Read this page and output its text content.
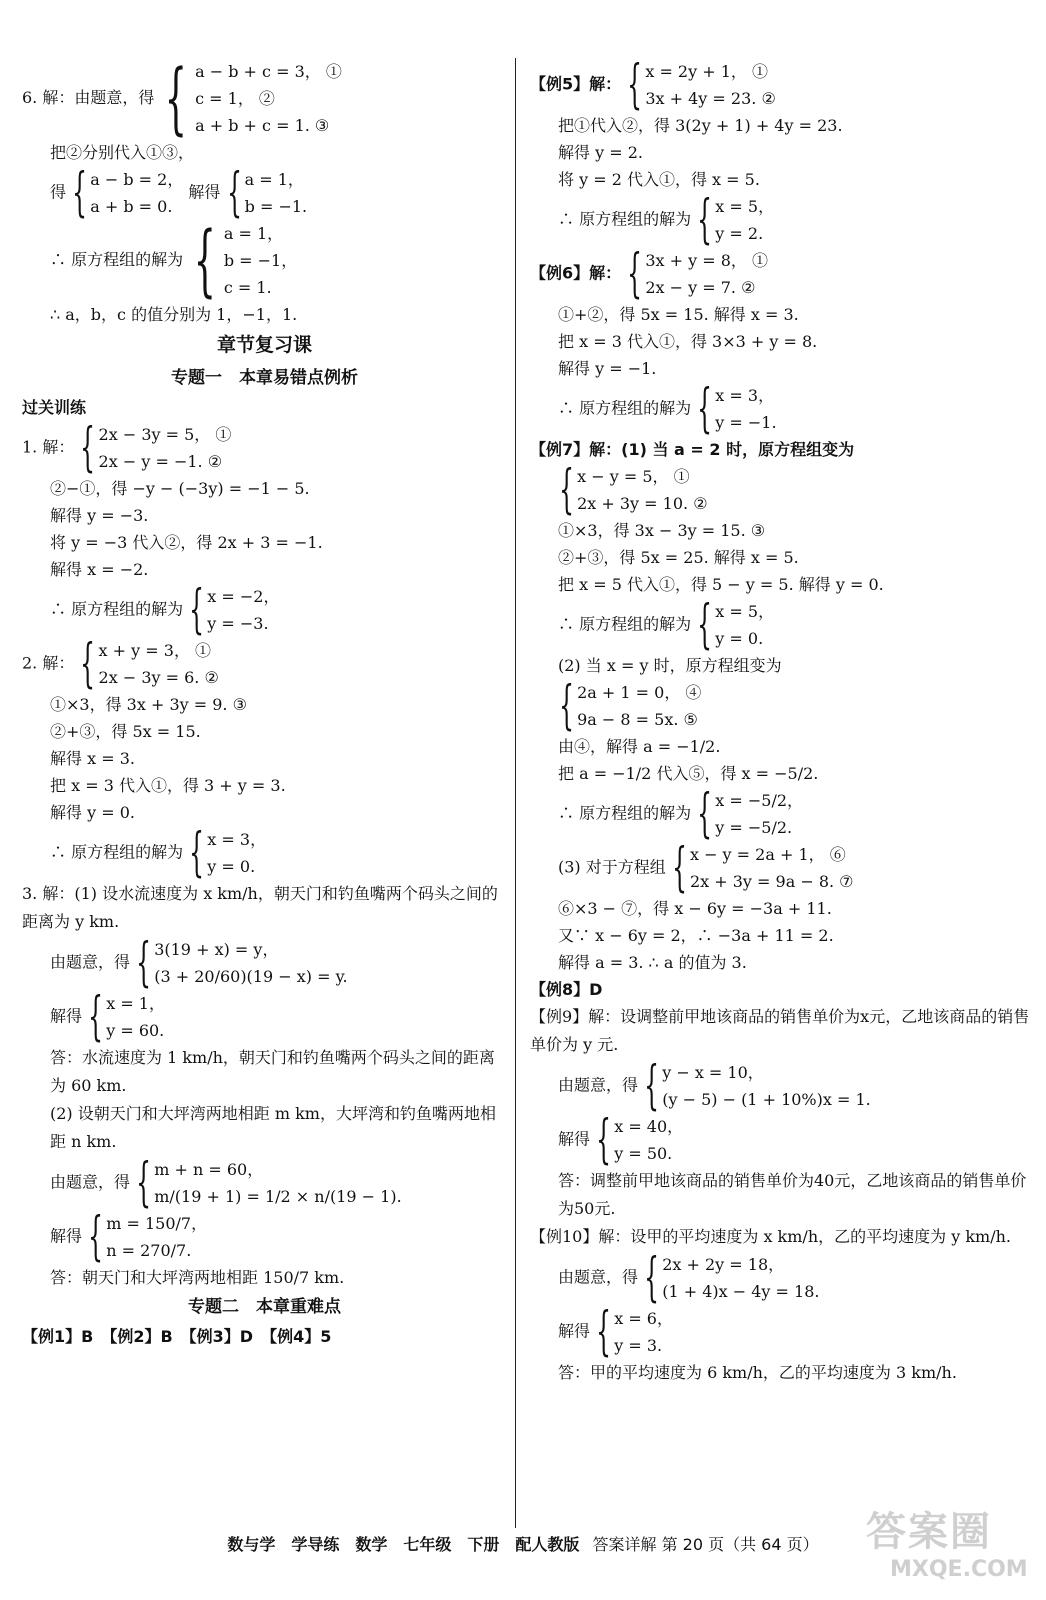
6. 解：由题意，得 { a − b + c = 3， ①
c = 1， ②
a + b + c = 1. ③
把②分别代入①③，
得 { a − b = 2，
a + b = 0.
解得 { a = 1，
b = −1.
∴ 原方程组的解为 { a = 1，
b = −1，
c = 1.
∴ a，b，c 的值分别为 1，−1，1.
章节复习课
专题一　本章易错点例析
过关训练
1. 解： { 2x − 3y = 5， ①
2x − y = −1. ②
②−①，得 −y − (−3y) = −1 − 5.
解得 y = −3.
将 y = −3 代入②，得 2x + 3 = −1.
解得 x = −2.
∴ 原方程组的解为 { x = −2，
y = −3.
2. 解： { x + y = 3， ①
2x − 3y = 6. ②
①×3，得 3x + 3y = 9. ③
②+③，得 5x = 15.
解得 x = 3.
把 x = 3 代入①，得 3 + y = 3.
解得 y = 0.
∴ 原方程组的解为 { x = 3，
y = 0.
3. 解：(1) 设水流速度为 x km/h，朝天门和钓鱼嘴两个码头之间的距离为 y km.
由题意，得 { 3(19 + x) = y，
(3 + 20/60)(19 − x) = y.
解得 { x = 1，
y = 60.
答：水流速度为 1 km/h，朝天门和钓鱼嘴两个码头之间的距离为 60 km.
(2) 设朝天门和大坪湾两地相距 m km，大坪湾和钓鱼嘴两地相距 n km.
由题意，得 { m + n = 60，
m/(19 + 1) = 1/2 × n/(19 − 1).
解得 { m = 150/7，
n = 270/7.
答：朝天门和大坪湾两地相距 150/7 km.
专题二　本章重难点
【例1】B　【例2】B　【例3】D　【例4】5
【例5】解： { x = 2y + 1， ①
3x + 4y = 23. ②
把①代入②，得 3(2y + 1) + 4y = 23.
解得 y = 2.
将 y = 2 代入①，得 x = 5.
∴ 原方程组的解为 { x = 5，
y = 2.
【例6】解： { 3x + y = 8， ①
2x − y = 7. ②
①+②，得 5x = 15. 解得 x = 3.
把 x = 3 代入①，得 3×3 + y = 8.
解得 y = −1.
∴ 原方程组的解为 { x = 3，
y = −1.
【例7】解：(1) 当 a = 2 时，原方程组变为
{ x − y = 5， ①
2x + 3y = 10. ②
①×3，得 3x − 3y = 15. ③
②+③，得 5x = 25. 解得 x = 5.
把 x = 5 代入①，得 5 − y = 5. 解得 y = 0.
∴ 原方程组的解为 { x = 5，
y = 0.
(2) 当 x = y 时，原方程组变为
{ 2a + 1 = 0， ④
9a − 8 = 5x. ⑤
由④，解得 a = −1/2.
把 a = −1/2 代入⑤，得 x = −5/2.
∴ 原方程组的解为 { x = −5/2，
y = −5/2.
(3) 对于方程组 { x − y = 2a + 1， ⑥
2x + 3y = 9a − 8. ⑦
⑥×3 − ⑦，得 x − 6y = −3a + 11.
又∵ x − 6y = 2，∴ −3a + 11 = 2.
解得 a = 3. ∴ a 的值为 3.
【例8】D
【例9】解：设调整前甲地该商品的销售单价为x元，乙地该商品的销售单价为 y 元.
由题意，得 { y − x = 10，
(y − 5) − (1 + 10%)x = 1.
解得 { x = 40，
y = 50.
答：调整前甲地该商品的销售单价为40元，乙地该商品的销售单价为50元.
【例10】解：设甲的平均速度为 x km/h，乙的平均速度为 y km/h.
由题意，得 { 2x + 2y = 18，
(1 + 4)x − 4y = 18.
解得 { x = 6，
y = 3.
答：甲的平均速度为 6 km/h，乙的平均速度为 3 km/h.
数与学　学导练　数学　七年级　下册　配人教版 答案详解 第 20 页（共 64 页）	答案圈
MXQE.COM
